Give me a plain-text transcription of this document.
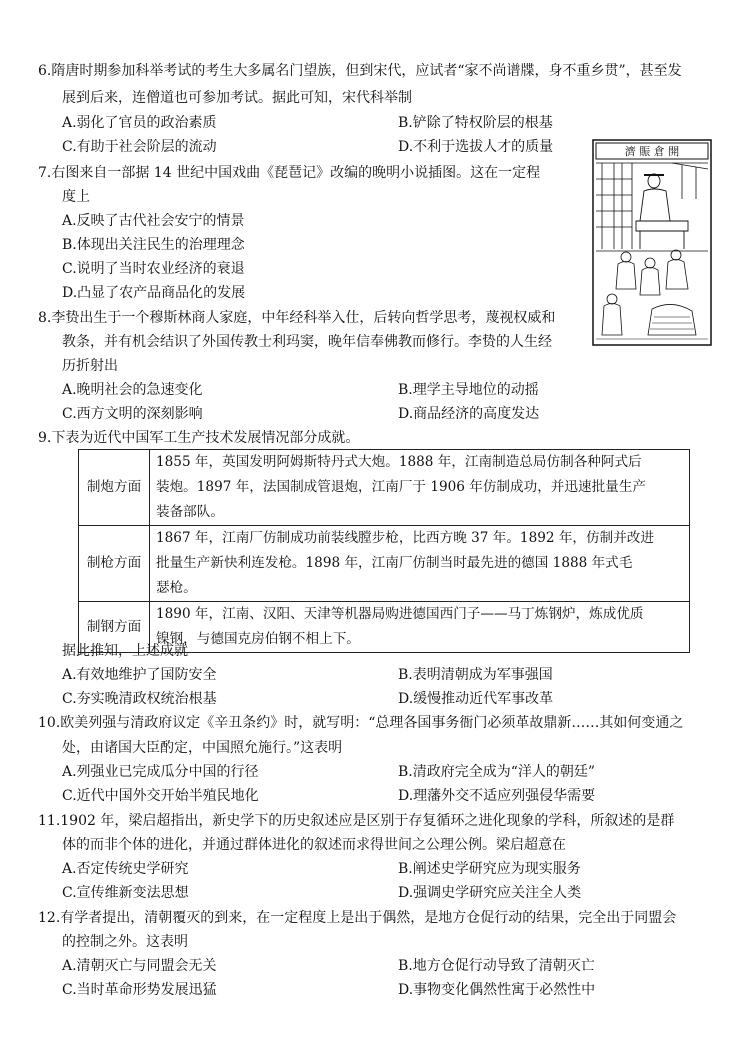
6.隋唐时期参加科举考试的考生大多属名门望族，但到宋代，应试者“家不尚谱牒，身不重乡贯”，甚至发
展到后来，连僧道也可参加考试。据此可知，宋代科举制
A.弱化了官员的政治素质	B.铲除了特权阶层的根基
C.有助于社会阶层的流动	D.不利于选拔人才的质量
7.右图来自一部据 14 世纪中国戏曲《琵琶记》改编的晚明小说插图。这在一定程
度上
A.反映了古代社会安宁的情景
B.体现出关注民生的治理理念
C.说明了当时农业经济的衰退
D.凸显了农产品商品化的发展
濟 賑 倉 開
8.李贽出生于一个穆斯林商人家庭，中年经科举入仕，后转向哲学思考，蔑视权威和
教条，并有机会结识了外国传教士利玛窦，晚年信奉佛教而修行。李贽的人生经
历折射出
A.晚明社会的急速变化	B.理学主导地位的动摇
C.西方文明的深刻影响	D.商品经济的高度发达
9.下表为近代中国军工生产技术发展情况部分成就。
制炮方面	1855 年，英国发明阿姆斯特丹式大炮。1888 年，江南制造总局仿制各种阿式后
装炮。1897 年，法国制成管退炮，江南厂于 1906 年仿制成功，并迅速批量生产
装备部队。

制枪方面	1867 年，江南厂仿制成功前装线膛步枪，比西方晚 37 年。1892 年，仿制并改进
批量生产新快利连发枪。1898 年，江南厂仿制当时最先进的德国 1888 年式毛
瑟枪。

制钢方面	1890 年，江南、汉阳、天津等机器局购进德国西门子——马丁炼钢炉，炼成优质
镍钢，与德国克房伯钢不相上下。
据此推知，上述成就
A.有效地维护了国防安全	B.表明清朝成为军事强国
C.夯实晚清政权统治根基	D.缓慢推动近代军事改革
10.欧美列强与清政府议定《辛丑条约》时，就写明：“总理各国事务衙门必须革故鼎新……其如何变通之
处，由诸国大臣酌定，中国照允施行。”这表明
A.列强业已完成瓜分中国的行径	B.清政府完全成为“洋人的朝廷”
C.近代中国外交开始半殖民地化	D.理藩外交不适应列强侵华需要
11.1902 年，梁启超指出，新史学下的历史叙述应是区别于存复循环之进化现象的学科，所叙述的是群
体的而非个体的进化，并通过群体进化的叙述而求得世间之公理公例。梁启超意在
A.否定传统史学研究	B.阐述史学研究应为现实服务
C.宣传维新变法思想	D.强调史学研究应关注全人类
12.有学者提出，清朝覆灭的到来，在一定程度上是出于偶然，是地方仓促行动的结果，完全出于同盟会
的控制之外。这表明
A.清朝灭亡与同盟会无关	B.地方仓促行动导致了清朝灭亡
C.当时革命形势发展迅猛	D.事物变化偶然性寓于必然性中
